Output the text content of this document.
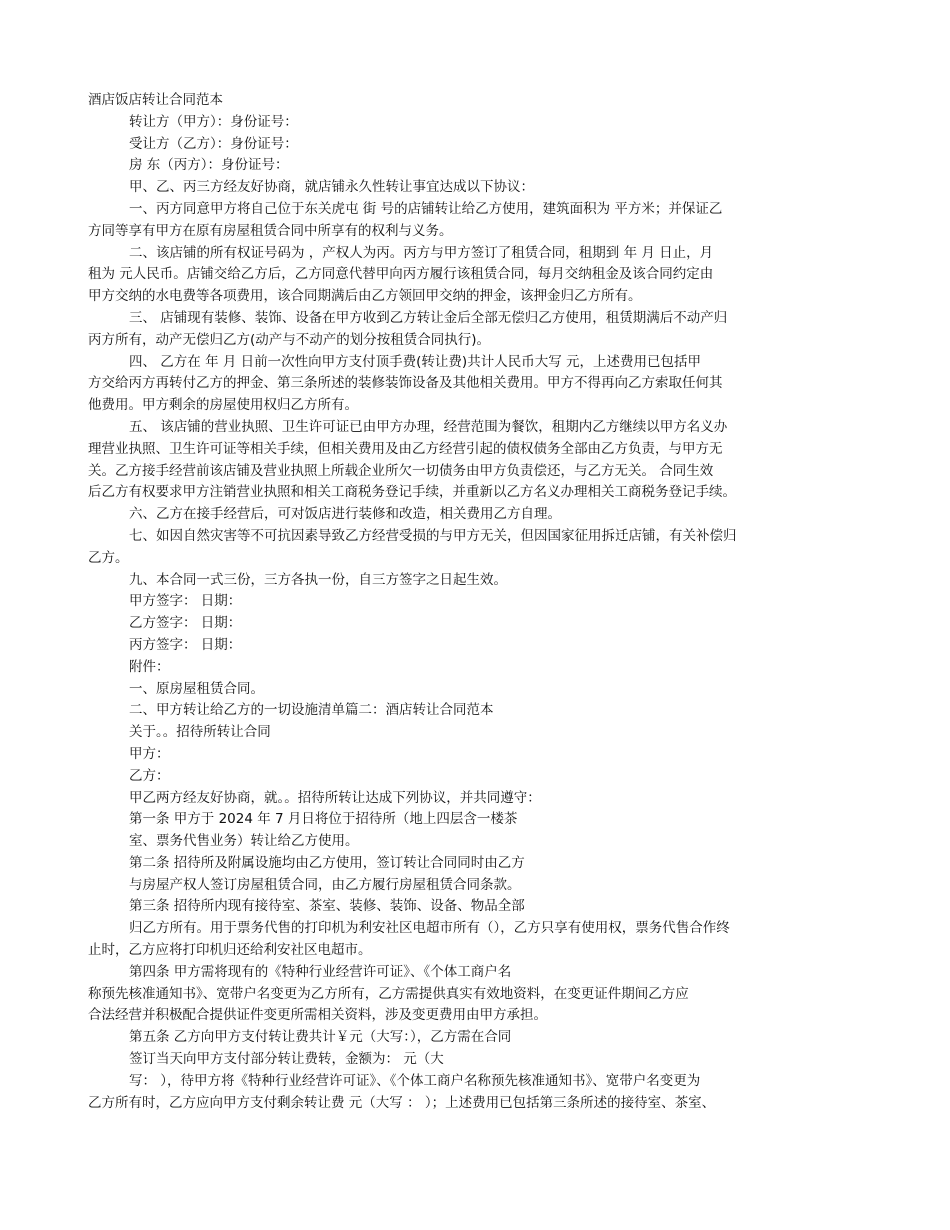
酒店饭店转让合同范本
转让方（甲方）：身份证号：
受让方（乙方）：身份证号：
房 东（丙方）：身份证号：
甲、乙、丙三方经友好协商，就店铺永久性转让事宜达成以下协议：
一、丙方同意甲方将自己位于东关虎屯 街 号的店铺转让给乙方使用，建筑面积为 平方米；并保证乙
方同等享有甲方在原有房屋租赁合同中所享有的权利与义务。
二、该店铺的所有权证号码为 ，产权人为丙。丙方与甲方签订了租赁合同，租期到 年 月 日止，月
租为 元人民币。店铺交给乙方后，乙方同意代替甲向丙方履行该租赁合同，每月交纳租金及该合同约定由
甲方交纳的水电费等各项费用，该合同期满后由乙方领回甲交纳的押金，该押金归乙方所有。
三、 店铺现有装修、装饰、设备在甲方收到乙方转让金后全部无偿归乙方使用，租赁期满后不动产归
丙方所有，动产无偿归乙方(动产与不动产的划分按租赁合同执行)。
四、 乙方在 年 月 日前一次性向甲方支付顶手费(转让费)共计人民币大写 元，上述费用已包括甲
方交给丙方再转付乙方的押金、第三条所述的装修装饰设备及其他相关费用。甲方不得再向乙方索取任何其
他费用。甲方剩余的房屋使用权归乙方所有。
五、 该店铺的营业执照、卫生许可证已由甲方办理，经营范围为餐饮，租期内乙方继续以甲方名义办
理营业执照、卫生许可证等相关手续，但相关费用及由乙方经营引起的债权债务全部由乙方负责，与甲方无
关。乙方接手经营前该店铺及营业执照上所载企业所欠一切债务由甲方负责偿还，与乙方无关。 合同生效
后乙方有权要求甲方注销营业执照和相关工商税务登记手续，并重新以乙方名义办理相关工商税务登记手续。
六、乙方在接手经营后，可对饭店进行装修和改造，相关费用乙方自理。
七、如因自然灾害等不可抗因素导致乙方经营受损的与甲方无关，但因国家征用拆迁店铺，有关补偿归
乙方。
九、本合同一式三份，三方各执一份，自三方签字之日起生效。
甲方签字： 日期：
乙方签字： 日期：
丙方签字： 日期：
附件：
一、原房屋租赁合同。
二、甲方转让给乙方的一切设施清单篇二：酒店转让合同范本
关于。。招待所转让合同
甲方：
乙方：
甲乙两方经友好协商，就。。招待所转让达成下列协议，并共同遵守：
第一条 甲方于 2024 年 7 月日将位于招待所（地上四层含一楼茶
室、票务代售业务）转让给乙方使用。
第二条 招待所及附属设施均由乙方使用，签订转让合同同时由乙方
与房屋产权人签订房屋租赁合同，由乙方履行房屋租赁合同条款。
第三条 招待所内现有接待室、茶室、装修、装饰、设备、物品全部
归乙方所有。用于票务代售的打印机为利安社区电超市所有（），乙方只享有使用权，票务代售合作终
止时，乙方应将打印机归还给利安社区电超市。
第四条 甲方需将现有的《特种行业经营许可证》、《个体工商户名
称预先核准通知书》、宽带户名变更为乙方所有，乙方需提供真实有效地资料，在变更证件期间乙方应
合法经营并积极配合提供证件变更所需相关资料，涉及变更费用由甲方承担。
第五条 乙方向甲方支付转让费共计￥元（大写：），乙方需在合同
签订当天向甲方支付部分转让费转，金额为： 元（大
写： ），待甲方将《特种行业经营许可证》、《个体工商户名称预先核准通知书》、宽带户名变更为
乙方所有时，乙方应向甲方支付剩余转让费 元（大写 ： ）；上述费用已包括第三条所述的接待室、茶室、
